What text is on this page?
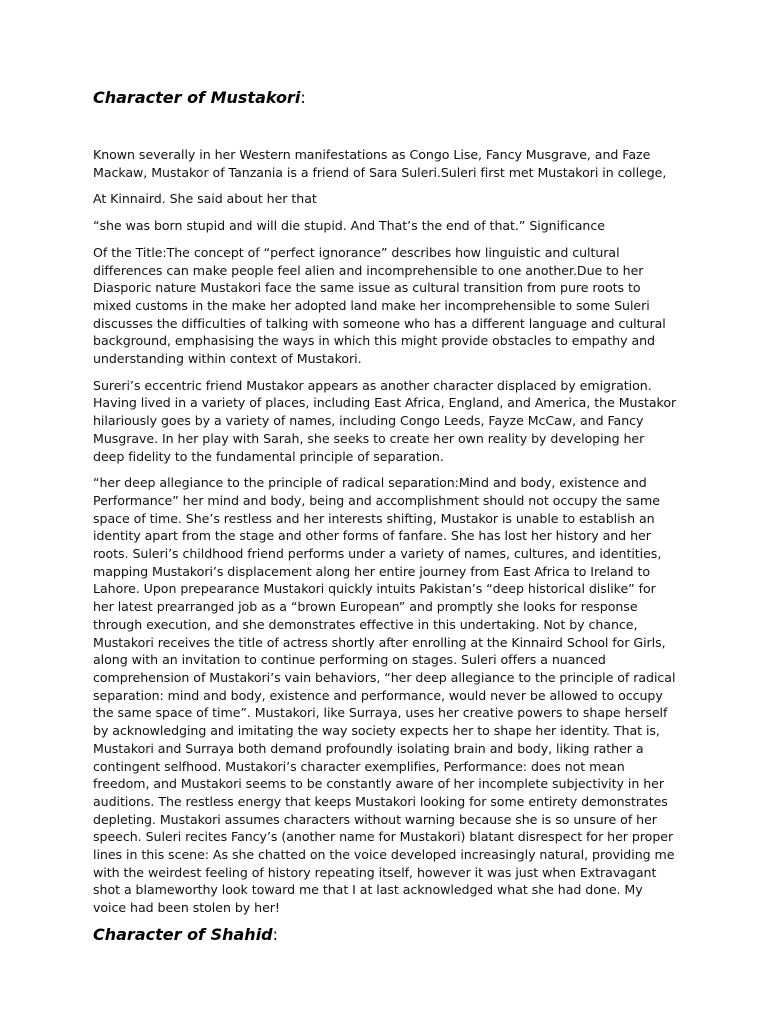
Character of Mustakori:

Known severally in her Western manifestations as Congo Lise, Fancy Musgrave, and Faze Mackaw, Mustakor of Tanzania is a friend of Sara Suleri.Suleri first met Mustakori in college,

At Kinnaird. She said about her that

“she was born stupid and will die stupid. And That’s the end of that.” Significance

Of the Title:The concept of “perfect ignorance” describes how linguistic and cultural differences can make people feel alien and incomprehensible to one another.Due to her Diasporic nature Mustakori face the same issue as cultural transition from pure roots to mixed customs in the make her adopted land make her incomprehensible to some Suleri discusses the difficulties of talking with someone who has a different language and cultural background, emphasising the ways in which this might provide obstacles to empathy and understanding within context of Mustakori.

Sureri’s eccentric friend Mustakor appears as another character displaced by emigration. Having lived in a variety of places, including East Africa, England, and America, the Mustakor hilariously goes by a variety of names, including Congo Leeds, Fayze McCaw, and Fancy Musgrave. In her play with Sarah, she seeks to create her own reality by developing her deep fidelity to the fundamental principle of separation.

“her deep allegiance to the principle of radical separation:Mind and body, existence and Performance” her mind and body, being and accomplishment should not occupy the same space of time. She’s restless and her interests shifting, Mustakor is unable to establish an identity apart from the stage and other forms of fanfare. She has lost her history and her roots. Suleri’s childhood friend performs under a variety of names, cultures, and identities, mapping Mustakori’s displacement along her entire journey from East Africa to Ireland to Lahore. Upon prepearance Mustakori quickly intuits Pakistan’s “deep historical dislike” for her latest prearranged job as a “brown European” and promptly she looks for response through execution, and she demonstrates effective in this undertaking. Not by chance, Mustakori receives the title of actress shortly after enrolling at the Kinnaird School for Girls, along with an invitation to continue performing on stages. Suleri offers a nuanced comprehension of Mustakori’s vain behaviors, “her deep allegiance to the principle of radical separation: mind and body, existence and performance, would never be allowed to occupy the same space of time”. Mustakori, like Surraya, uses her creative powers to shape herself by acknowledging and imitating the way society expects her to shape her identity. That is, Mustakori and Surraya both demand profoundly isolating brain and body, liking rather a contingent selfhood. Mustakori’s character exemplifies, Performance: does not mean freedom, and Mustakori seems to be constantly aware of her incomplete subjectivity in her auditions. The restless energy that keeps Mustakori looking for some entirety demonstrates depleting. Mustakori assumes characters without warning because she is so unsure of her speech. Suleri recites Fancy’s (another name for Mustakori) blatant disrespect for her proper lines in this scene: As she chatted on the voice developed increasingly natural, providing me with the weirdest feeling of history repeating itself, however it was just when Extravagant shot a blameworthy look toward me that I at last acknowledged what she had done. My voice had been stolen by her!

Character of Shahid:
